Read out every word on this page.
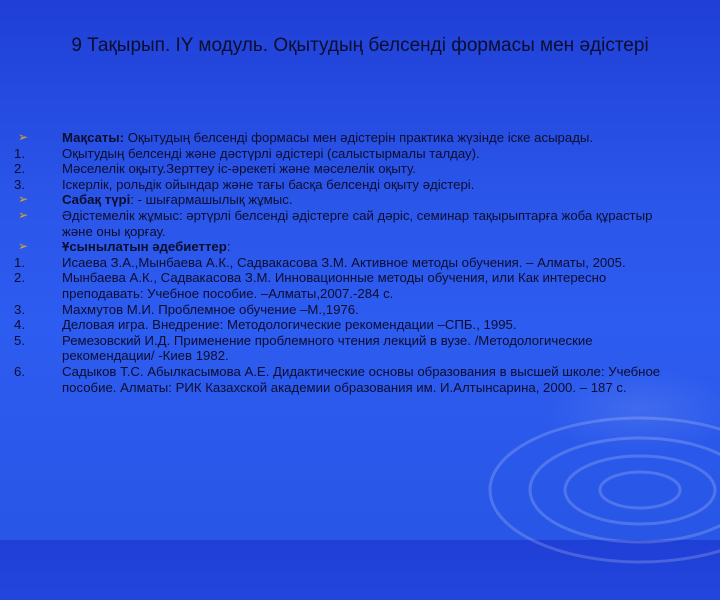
9 Тақырып. IY модуль. Оқытудың белсенді формасы мен әдістері
➢	Мақсаты: Оқытудың белсенді формасы мен әдістерін практика жүзінде іске асырады.
1.	Оқытудың белсенді және дәстүрлі әдістері (салыстырмалы талдау).
2.	Мәселелік оқыту.Зерттеу іс-әрекеті және мәселелік оқыту.
3.	Іскерлік, рольдік ойындар және тағы басқа белсенді оқыту әдістері.
➢	Сабақ түрі: - шығармашылық жұмыс.
➢	Әдістемелік жұмыс: әртүрлі белсенді әдістерге сай дәріс, семинар тақырыптарға жоба құрастыр және оны қорғау.
➢	Ұсынылатын әдебиеттер:
1.	Исаева З.А.,Мынбаева А.К., Садвакасова З.М. Активное методы обучения. – Алматы, 2005.
2.	Мынбаева А.К., Садвакасова З.М. Инновационные методы обучения, или Как интересно преподавать: Учебное пособие. –Алматы,2007.-284 с.
3.	Махмутов М.И. Проблемное обучение –М.,1976.
4.	Деловая игра. Внедрение: Методологические рекомендации –СПБ., 1995.
5.	Ремезовский И.Д. Применение проблемного чтения лекций в вузе. /Методологические рекомендации/ -Киев 1982.
6.	Садыков Т.С. Абылкасымова А.Е. Дидактические основы образования в высшей школе: Учебное пособие. Алматы: РИК Казахской академии образования им. И.Алтынсарина, 2000. – 187 с.
